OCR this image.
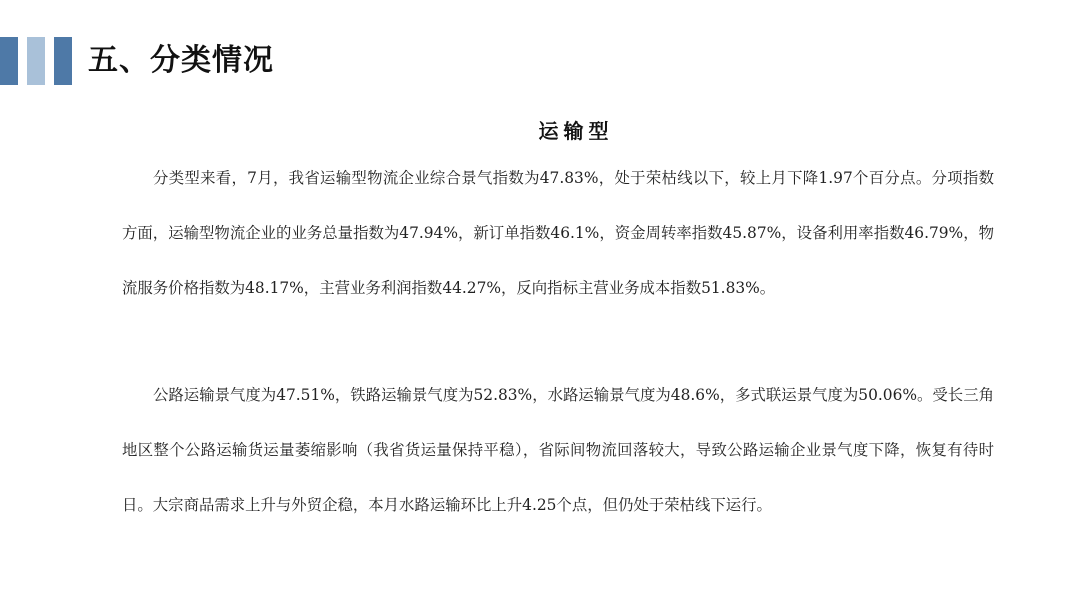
五、分类情况
运输型

分类型来看，7月，我省运输型物流企业综合景气指数为47.83%，处于荣枯线以下，较上月下降1.97个百分点。分项指数方面，运输型物流企业的业务总量指数为47.94%，新订单指数46.1%，资金周转率指数45.87%，设备利用率指数46.79%，物流服务价格指数为48.17%，主营业务利润指数44.27%，反向指标主营业务成本指数51.83%。

公路运输景气度为47.51%，铁路运输景气度为52.83%，水路运输景气度为48.6%，多式联运景气度为50.06%。受长三角地区整个公路运输货运量萎缩影响（我省货运量保持平稳），省际间物流回落较大，导致公路运输企业景气度下降，恢复有待时日。大宗商品需求上升与外贸企稳，本月水路运输环比上升4.25个点，但仍处于荣枯线下运行。
